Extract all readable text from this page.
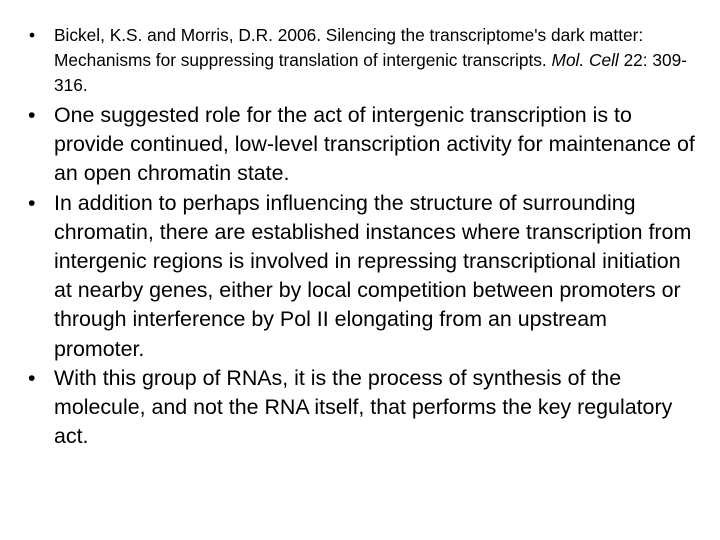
• Bickel, K.S. and Morris, D.R. 2006. Silencing the transcriptome's dark matter: Mechanisms for suppressing translation of intergenic transcripts. Mol. Cell 22: 309-316.
• One suggested role for the act of intergenic transcription is to provide continued, low-level transcription activity for maintenance of an open chromatin state.
• In addition to perhaps influencing the structure of surrounding chromatin, there are established instances where transcription from intergenic regions is involved in repressing transcriptional initiation at nearby genes, either by local competition between promoters or through interference by Pol II elongating from an upstream promoter.
• With this group of RNAs, it is the process of synthesis of the molecule, and not the RNA itself, that performs the key regulatory act.
